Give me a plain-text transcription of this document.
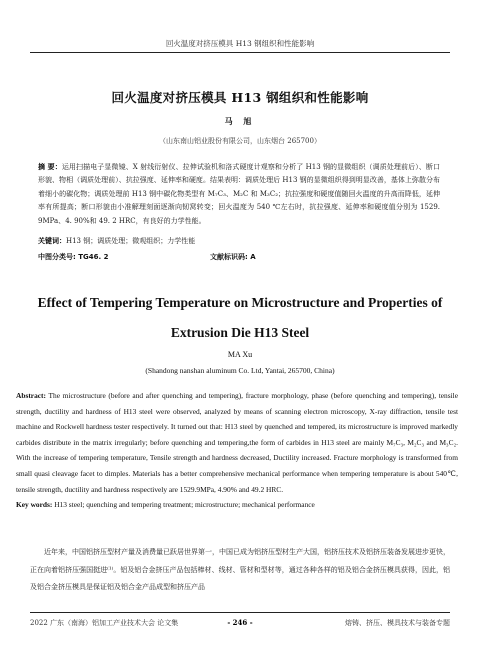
回火温度对挤压模具 H13 钢组织和性能影响
回火温度对挤压模具 H13 钢组织和性能影响
马 旭
（山东南山铝业股份有限公司，山东烟台 265700）
摘 要：运用扫描电子显微镜、X 射线衍射仪、拉伸试验机和洛式硬度计观察和分析了 H13 钢的显微组织（调质处理前后）、断口形貌、物相（调质处理前）、抗拉强度、延伸率和硬度。结果表明：调质处理后 H13 钢的显微组织得到明显改善，基体上弥散分布着细小的碳化物；调质处理前 H13 钢中碳化物类型有 M₇C₃、M₂C 和 M₃C₂；抗拉强度和硬度值随回火温度的升高而降低，延伸率有所提高；断口形貌由小准解理刻面逐渐向韧窝转变；回火温度为 540 ℃左右时，抗拉强度、延伸率和硬度值分别为 1529. 9MPa、4. 90%和 49. 2 HRC，有良好的力学性能。
关键词：H13 钢；调质处理；微观组织；力学性能
中图分类号: TG46. 2	文献标识码: A
Effect of Tempering Temperature on Microstructure and Properties of Extrusion Die H13 Steel
MA Xu
(Shandong nanshan aluminum Co. Ltd, Yantai, 265700, China)
Abstract: The microstructure (before and after quenching and tempering), fracture morphology, phase (before quenching and tempering), tensile strength, ductility and hardness of H13 steel were observed, analyzed by means of scanning electron microscopy, X-ray diffraction, tensile test machine and Rockwell hardness tester respectively. It turned out that: H13 steel by quenched and tempered, its microstructure is improved markedly carbides distribute in the matrix irregularly; before quenching and tempering,the form of carbides in H13 steel are mainly M₇C₃, M₂C₃ and M₃C₂. With the increase of tempering temperature, Tensile strength and hardness decreased, Ductility increased. Fracture morphology is transformed from small quasi cleavage facet to dimples. Materials has a better comprehensive mechanical performance when tempering temperature is about 540℃, tensile strength, ductility and hardness respectively are 1529.9MPa, 4.90% and 49.2 HRC.
Key words: H13 steel; quenching and tempering treatment; microstructure; mechanical performance
近年来，中国铝挤压型材产量及消费量已跃居世界第一，中国已成为铝挤压型材生产大国，铝挤压技术及铝挤压装备发展进步更快，正在向着铝挤压强国挺进⁽¹⁾。铝及铝合金挤压产品包括棒材、线材、管材和型材等，通过各种各样的铝及铝合金挤压模具获得，因此，铝及铝合金挤压模具是保证铝及铝合金产品成型和挤压产品
2022 广东（南海）铝加工产业技术大会 论文集	- 246 -	熔铸、挤压、模具技术与装备专题
